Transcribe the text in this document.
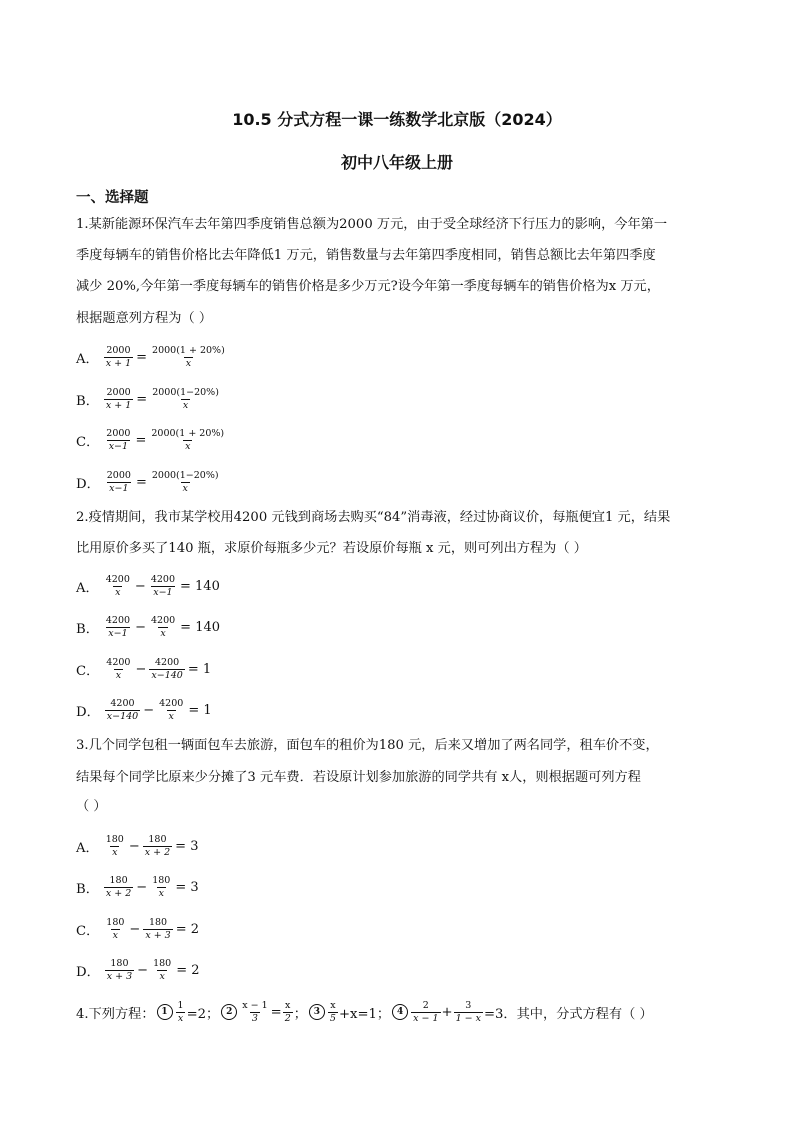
10.5 分式方程一课一练数学北京版（2024）
初中八年级上册
一、选择题
1.某新能源环保汽车去年第四季度销售总额为2000 万元，由于受全球经济下行压力的影响，今年第一
季度每辆车的销售价格比去年降低1 万元，销售数量与去年第四季度相同，销售总额比去年第四季度
减少 20%,今年第一季度每辆车的销售价格是多少万元?设今年第一季度每辆车的销售价格为x 万元，
根据题意列方程为（ ）
A． $\frac{2000}{x + 1} = \frac{2000(1 + 20\%)}{x}$
B． $\frac{2000}{x + 1} = \frac{2000(1-20\%)}{x}$
C． $\frac{2000}{x-1} = \frac{2000(1 + 20\%)}{x}$
D． $\frac{2000}{x-1} = \frac{2000(1-20\%)}{x}$
2.疫情期间，我市某学校用4200 元钱到商场去购买“84”消毒液，经过协商议价，每瓶便宜1 元，结果
比用原价多买了140 瓶，求原价每瓶多少元？若设原价每瓶 x 元，则可列出方程为（ ）
A． $\frac{4200}{x} - \frac{4200}{x-1} = 140$
B． $\frac{4200}{x-1} - \frac{4200}{x} = 140$
C． $\frac{4200}{x} - \frac{4200}{x-140} = 1$
D． $\frac{4200}{x-140} - \frac{4200}{x} = 1$
3.几个同学包租一辆面包车去旅游，面包车的租价为180 元，后来又增加了两名同学，租车价不变，
结果每个同学比原来少分摊了3 元车费．若设原计划参加旅游的同学共有 x人，则根据题可列方程
（ ）
A． $\frac{180}{x} - \frac{180}{x + 2} = 3$
B． $\frac{180}{x + 2} - \frac{180}{x} = 3$
C． $\frac{180}{x} - \frac{180}{x + 3} = 2$
D． $\frac{180}{x + 3} - \frac{180}{x} = 2$
4.下列方程： $1 \frac{1}{x} =2$； $2 \frac{x - 1}{3} = \frac{x}{2}$ ； $3 \frac{x}{5} +x=1$； $4 \frac{2}{x - 1} + \frac{3}{1 - x} =3$．其中，分式方程有（ ）
